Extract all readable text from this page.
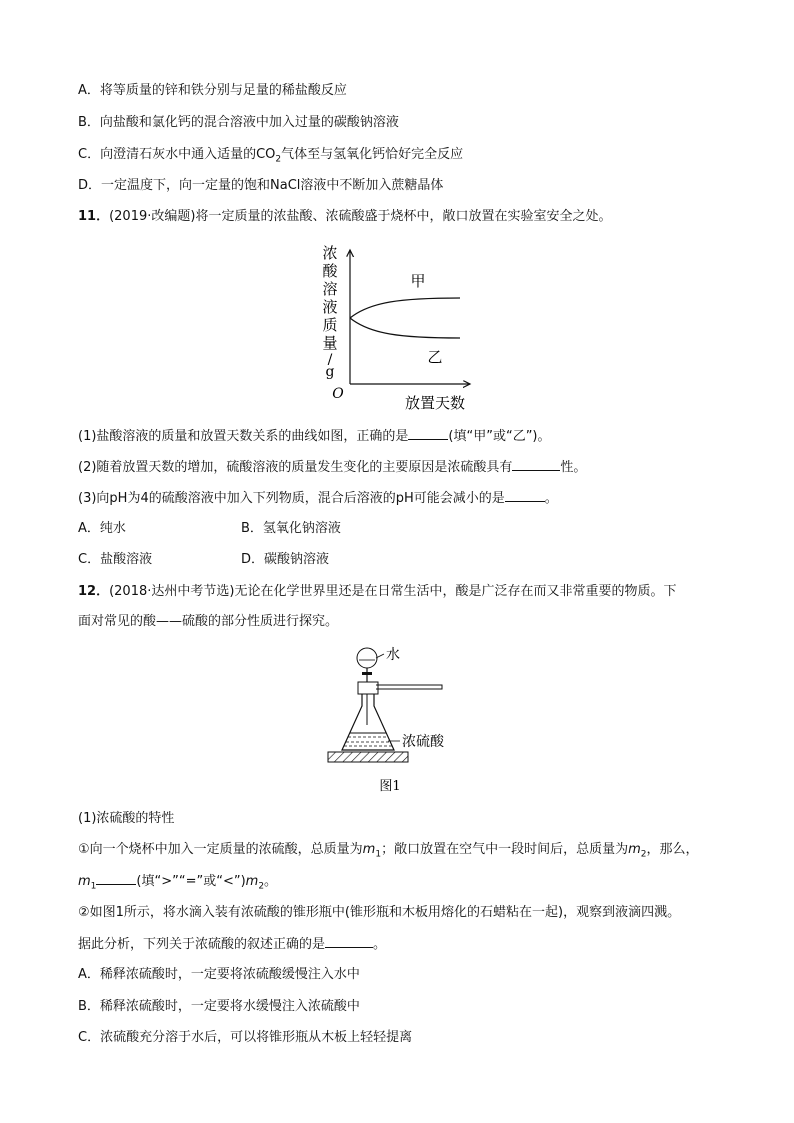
A．将等质量的锌和铁分别与足量的稀盐酸反应
B．向盐酸和氯化钙的混合溶液中加入过量的碳酸钠溶液
C．向澄清石灰水中通入适量的$CO_2$气体至与氢氧化钙恰好完全反应
D．一定温度下，向一定量的饱和NaCl溶液中不断加入蔗糖晶体
11．(2019·改编题)将一定质量的浓盐酸、浓硫酸盛于烧杯中，敞口放置在实验室安全之处。
甲
乙
O	放置天数
浓
酸
溶
液
质
量
/
g
(1)盐酸溶液的质量和放置天数关系的曲线如图，正确的是	(填“甲”或“乙”)。
(2)随着放置天数的增加，硫酸溶液的质量发生变化的主要原因是浓硫酸具有	性。
(3)向pH为4的硫酸溶液中加入下列物质，混合后溶液的pH可能会减小的是	。
A．纯水	B．氢氧化钠溶液
C．盐酸溶液	D．碳酸钠溶液
12．(2018·达州中考节选)无论在化学世界里还是在日常生活中，酸是广泛存在而又非常重要的物质。下
面对常见的酸——硫酸的部分性质进行探究。
水
浓硫酸
图1
(1)浓硫酸的特性
①向一个烧杯中加入一定质量的浓硫酸，总质量为$m_1$；敞口放置在空气中一段时间后，总质量为$m_2$，那么，
$m_1$	(填“>”“=”或“$<”)m_2$。
②如图1所示，将水滴入装有浓硫酸的锥形瓶中(锥形瓶和木板用熔化的石蜡粘在一起)，观察到液滴四溅。
据此分析，下列关于浓硫酸的叙述正确的是	。
A．稀释浓硫酸时，一定要将浓硫酸缓慢注入水中
B．稀释浓硫酸时，一定要将水缓慢注入浓硫酸中
C．浓硫酸充分溶于水后，可以将锥形瓶从木板上轻轻提离
